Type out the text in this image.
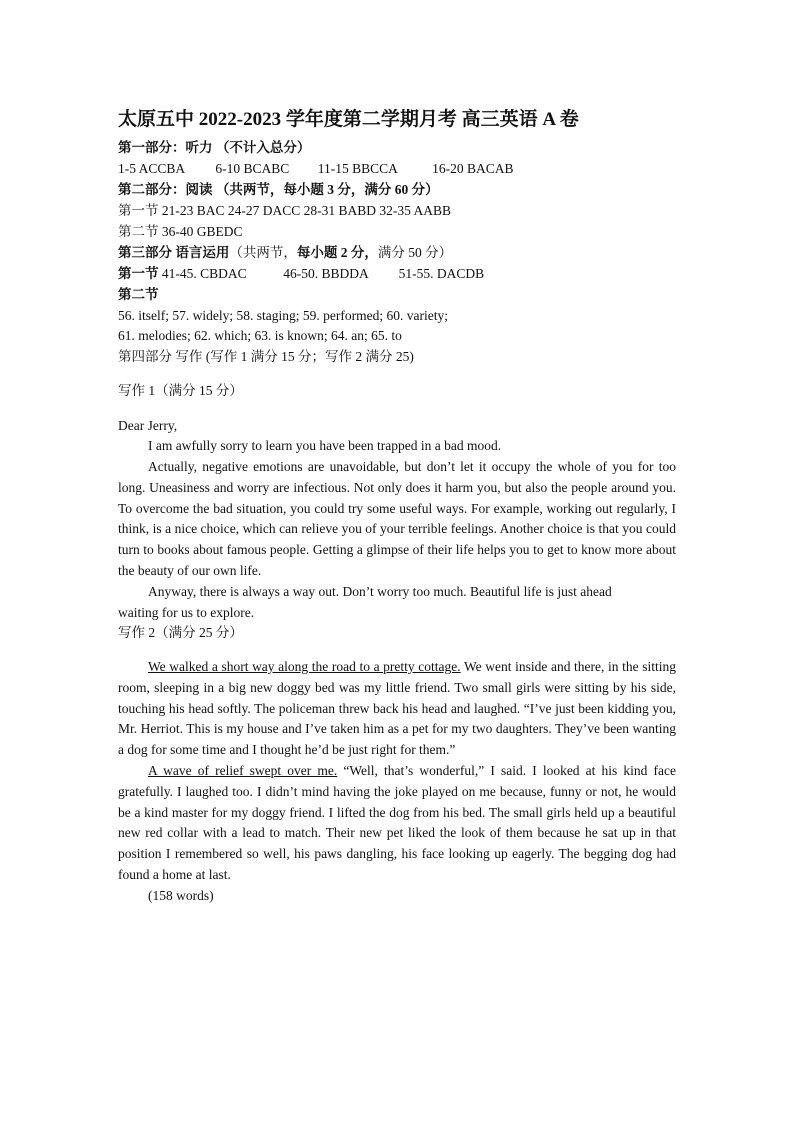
太原五中 2022-2023 学年度第二学期月考 高三英语 A 卷
第一部分：听力 （不计入总分）
1-5 ACCBA 6-10 BCABC 11-15 BBCCA	16-20 BACAB
第二部分：阅读 （共两节，每小题 3 分，满分 60 分）
第一节 21-23 BAC 24-27 DACC 28-31 BABD 32-35 AABB
第二节 36-40 GBEDC
第三部分 语言运用（共两节，每小题 2 分，满分 50 分）
第一节 41-45. CBDAC	46-50. BBDDA 51-55. DACDB
第二节
56. itself; 57. widely; 58. staging; 59. performed; 60. variety;
61. melodies; 62. which; 63. is known; 64. an; 65. to
第四部分 写作 (写作 1 满分 15 分；写作 2 满分 25)
写作 1（满分 15 分）
Dear Jerry,

I am awfully sorry to learn you have been trapped in a bad mood.

Actually, negative emotions are unavoidable, but don’t let it occupy the whole of you for too long. Uneasiness and worry are infectious. Not only does it harm you, but also the people around you. To overcome the bad situation, you could try some useful ways. For example, working out regularly, I think, is a nice choice, which can relieve you of your terrible feelings. Another choice is that you could turn to books about famous people. Getting a glimpse of their life helps you to get to know more about the beauty of our own life.

Anyway, there is always a way out. Don’t worry too much. Beautiful life is just ahead
waiting for us to explore.
写作 2（满分 25 分）

We walked a short way along the road to a pretty cottage. We went inside and there, in the sitting room, sleeping in a big new doggy bed was my little friend. Two small girls were sitting by his side, touching his head softly. The policeman threw back his head and laughed. “I’ve just been kidding you, Mr. Herriot. This is my house and I’ve taken him as a pet for my two daughters. They’ve been wanting a dog for some time and I thought he’d be just right for them.”

A wave of relief swept over me. “Well, that’s wonderful,” I said. I looked at his kind face gratefully. I laughed too. I didn’t mind having the joke played on me because, funny or not, he would be a kind master for my doggy friend. I lifted the dog from his bed. The small girls held up a beautiful new red collar with a lead to match. Their new pet liked the look of them because he sat up in that position I remembered so well, his paws dangling, his face looking up eagerly. The begging dog had found a home at last.

(158 words)
